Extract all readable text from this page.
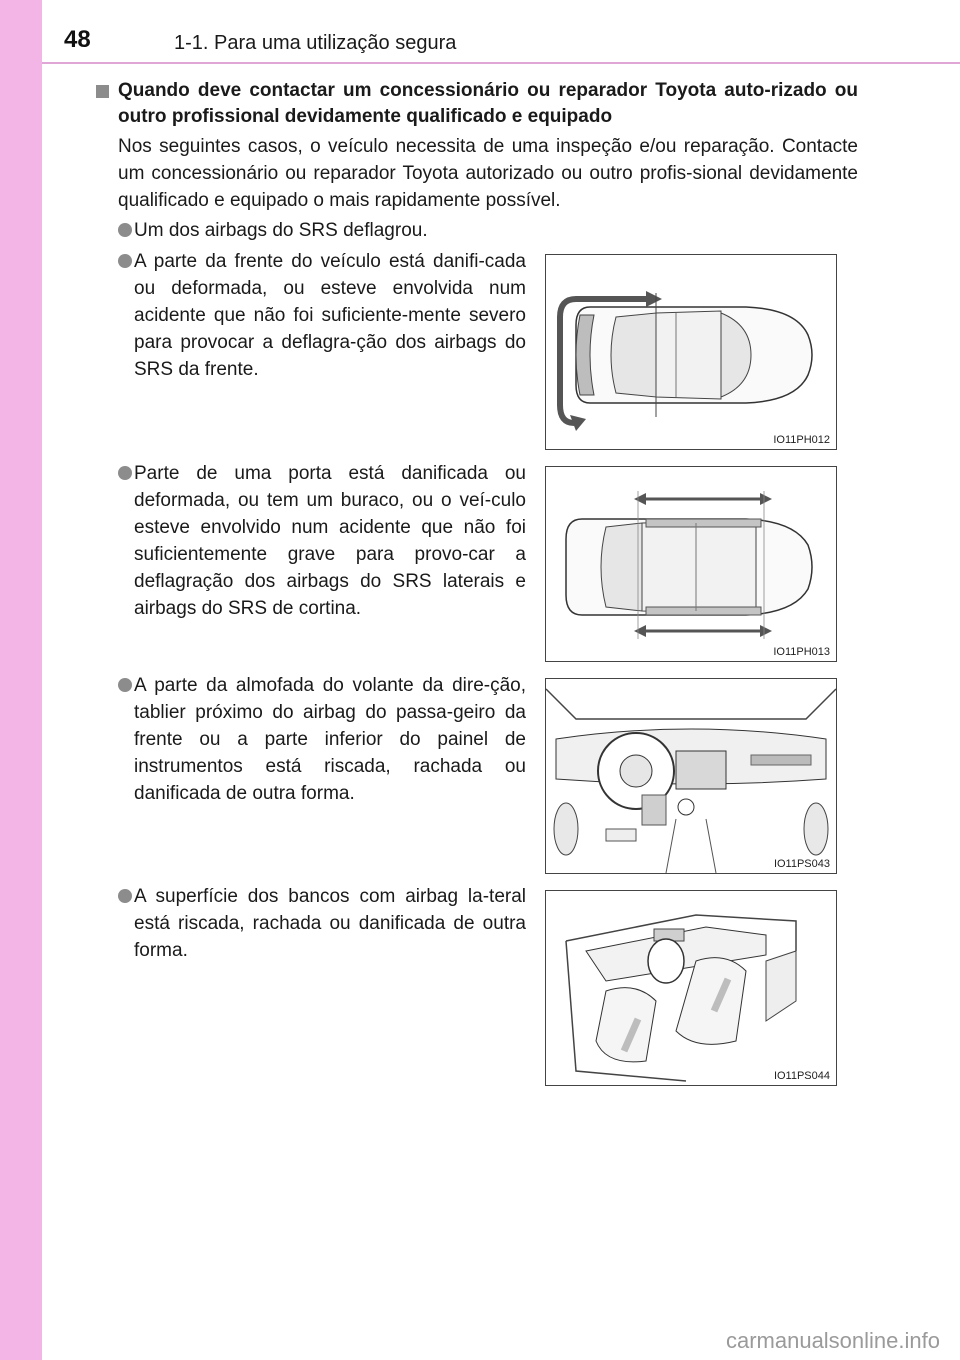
48	1-1. Para uma utilização segura
Quando deve contactar um concessionário ou reparador Toyota auto-rizado ou outro profissional devidamente qualificado e equipado
Nos seguintes casos, o veículo necessita de uma inspeção e/ou reparação. Contacte um concessionário ou reparador Toyota autorizado ou outro profis-sional devidamente qualificado e equipado o mais rapidamente possível.
Um dos airbags do SRS deflagrou.
A parte da frente do veículo está danifi-cada ou deformada, ou esteve envolvida num acidente que não foi suficiente-mente severo para provocar a deflagra-ção dos airbags do SRS da frente.
Parte de uma porta está danificada ou deformada, ou tem um buraco, ou o veí-culo esteve envolvido num acidente que não foi suficientemente grave para provo-car a deflagração dos airbags do SRS laterais e airbags do SRS de cortina.
A parte da almofada do volante da dire-ção, tablier próximo do airbag do passa-geiro da frente ou a parte inferior do painel de instrumentos está riscada, rachada ou danificada de outra forma.
A superfície dos bancos com airbag la-teral está riscada, rachada ou danificada de outra forma.
IO11PH012
IO11PH013
IO11PS043
IO11PS044
carmanualsonline.info
